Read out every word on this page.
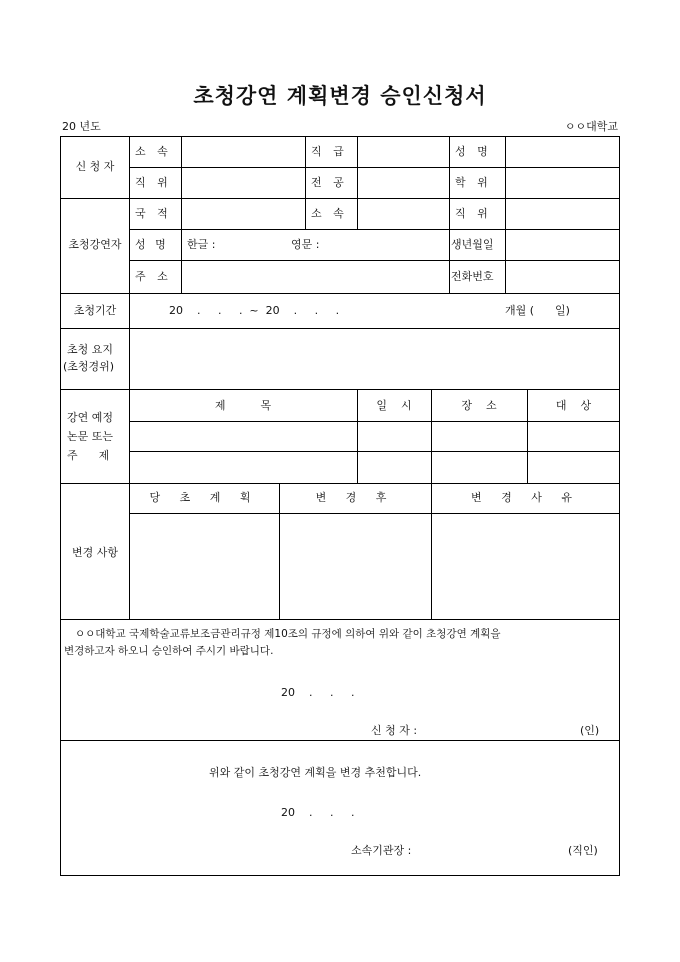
초청강연 계획변경 승인신청서
20 년도	ㅇㅇ대학교
신 청 자
소 속	직 급	성 명
직 위	전 공	학 위
초청강연자
국 적	소 속	직 위
성 명 한글 :	영문 :	생년월일
주 소	전화번호
초청기간	20    .     .     .  ~  20    .     .     .	개월 (      일)
초청 요지
(초청경위)
강연 예정
논문 또는
주      제
제          목	일    시	장    소	대    상
변경 사항
당 초 계 획	변 경 후	변 경 사 유
ㅇㅇ대학교 국제학술교류보조금관리규정 제10조의 규정에 의하여 위와 같이 초청강연 계획을
변경하고자 하오니 승인하여 주시기 바랍니다.
20    .     .     .
신 청 자 :	(인)
위와 같이 초청강연 계획을 변경 추천합니다.
20    .     .     .
소속기관장 :	(직인)
